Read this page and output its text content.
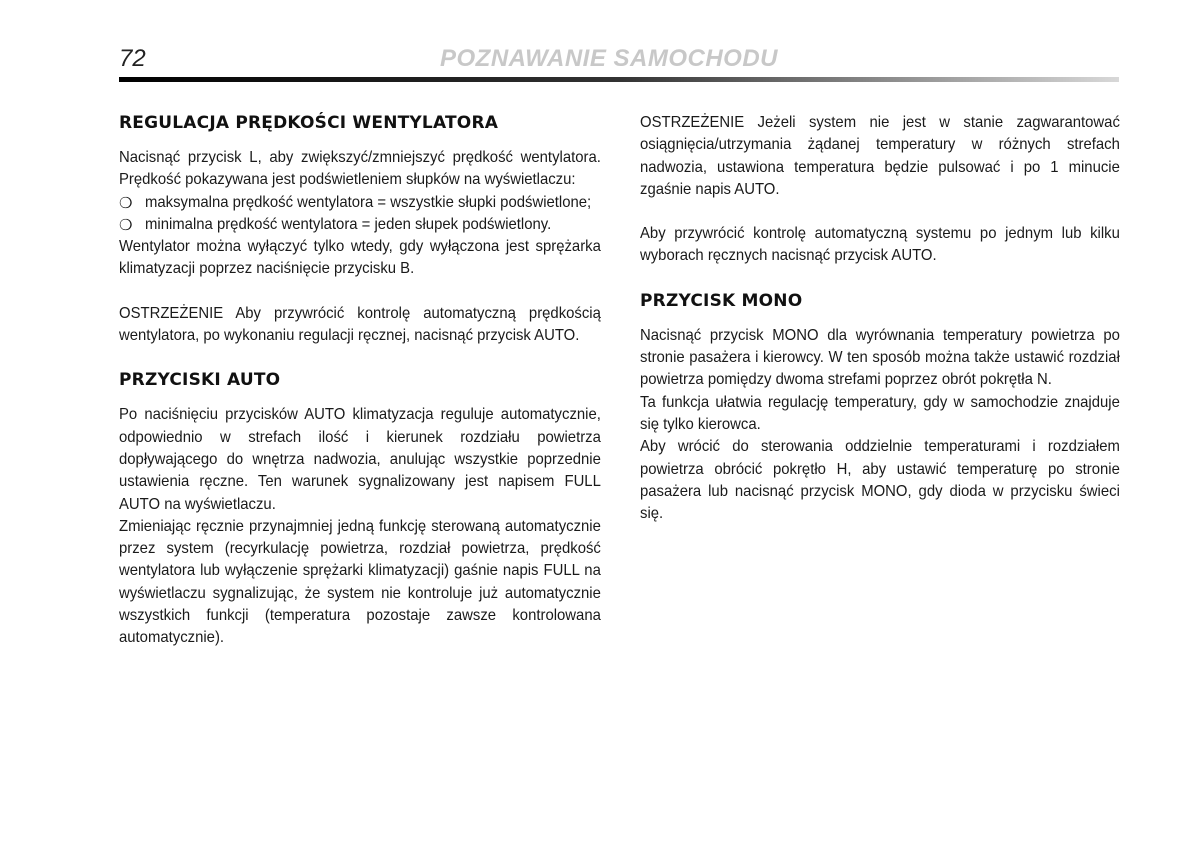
72	POZNAWANIE SAMOCHODU
REGULACJA PRĘDKOŚCI WENTYLATORA

Nacisnąć przycisk L, aby zwiększyć/zmniejszyć prędkość wentylatora. Prędkość pokazywana jest podświetleniem słupków na wyświetlaczu:

❍ maksymalna prędkość wentylatora = wszystkie słupki podświetlone;

❍ minimalna prędkość wentylatora = jeden słupek podświetlony.

Wentylator można wyłączyć tylko wtedy, gdy wyłączona jest sprężarka klimatyzacji poprzez naciśnięcie przycisku B.

OSTRZEŻENIE Aby przywrócić kontrolę automatyczną prędkością wentylatora, po wykonaniu regulacji ręcznej, nacisnąć przycisk AUTO.

PRZYCISKI AUTO

Po naciśnięciu przycisków AUTO klimatyzacja reguluje automatycznie, odpowiednio w strefach ilość i kierunek rozdziału powietrza dopływającego do wnętrza nadwozia, anulując wszystkie poprzednie ustawienia ręczne. Ten warunek sygnalizowany jest napisem FULL AUTO na wyświetlaczu.

Zmieniając ręcznie przynajmniej jedną funkcję sterowaną automatycznie przez system (recyrkulację powietrza, rozdział powietrza, prędkość wentylatora lub wyłączenie sprężarki klimatyzacji) gaśnie napis FULL na wyświetlaczu sygnalizując, że system nie kontroluje już automatycznie wszystkich funkcji (temperatura pozostaje zawsze kontrolowana automatycznie).

OSTRZEŻENIE Jeżeli system nie jest w stanie zagwarantować osiągnięcia/utrzymania żądanej temperatury w różnych strefach nadwozia, ustawiona temperatura będzie pulsować i po 1 minucie zgaśnie napis AUTO.

Aby przywrócić kontrolę automatyczną systemu po jednym lub kilku wyborach ręcznych nacisnąć przycisk AUTO.

PRZYCISK MONO

Nacisnąć przycisk MONO dla wyrównania temperatury powietrza po stronie pasażera i kierowcy. W ten sposób można także ustawić rozdział powietrza pomiędzy dwoma strefami poprzez obrót pokrętła N.

Ta funkcja ułatwia regulację temperatury, gdy w samochodzie znajduje się tylko kierowca.

Aby wrócić do sterowania oddzielnie temperaturami i rozdziałem powietrza obrócić pokrętło H, aby ustawić temperaturę po stronie pasażera lub nacisnąć przycisk MONO, gdy dioda w przycisku świeci się.
